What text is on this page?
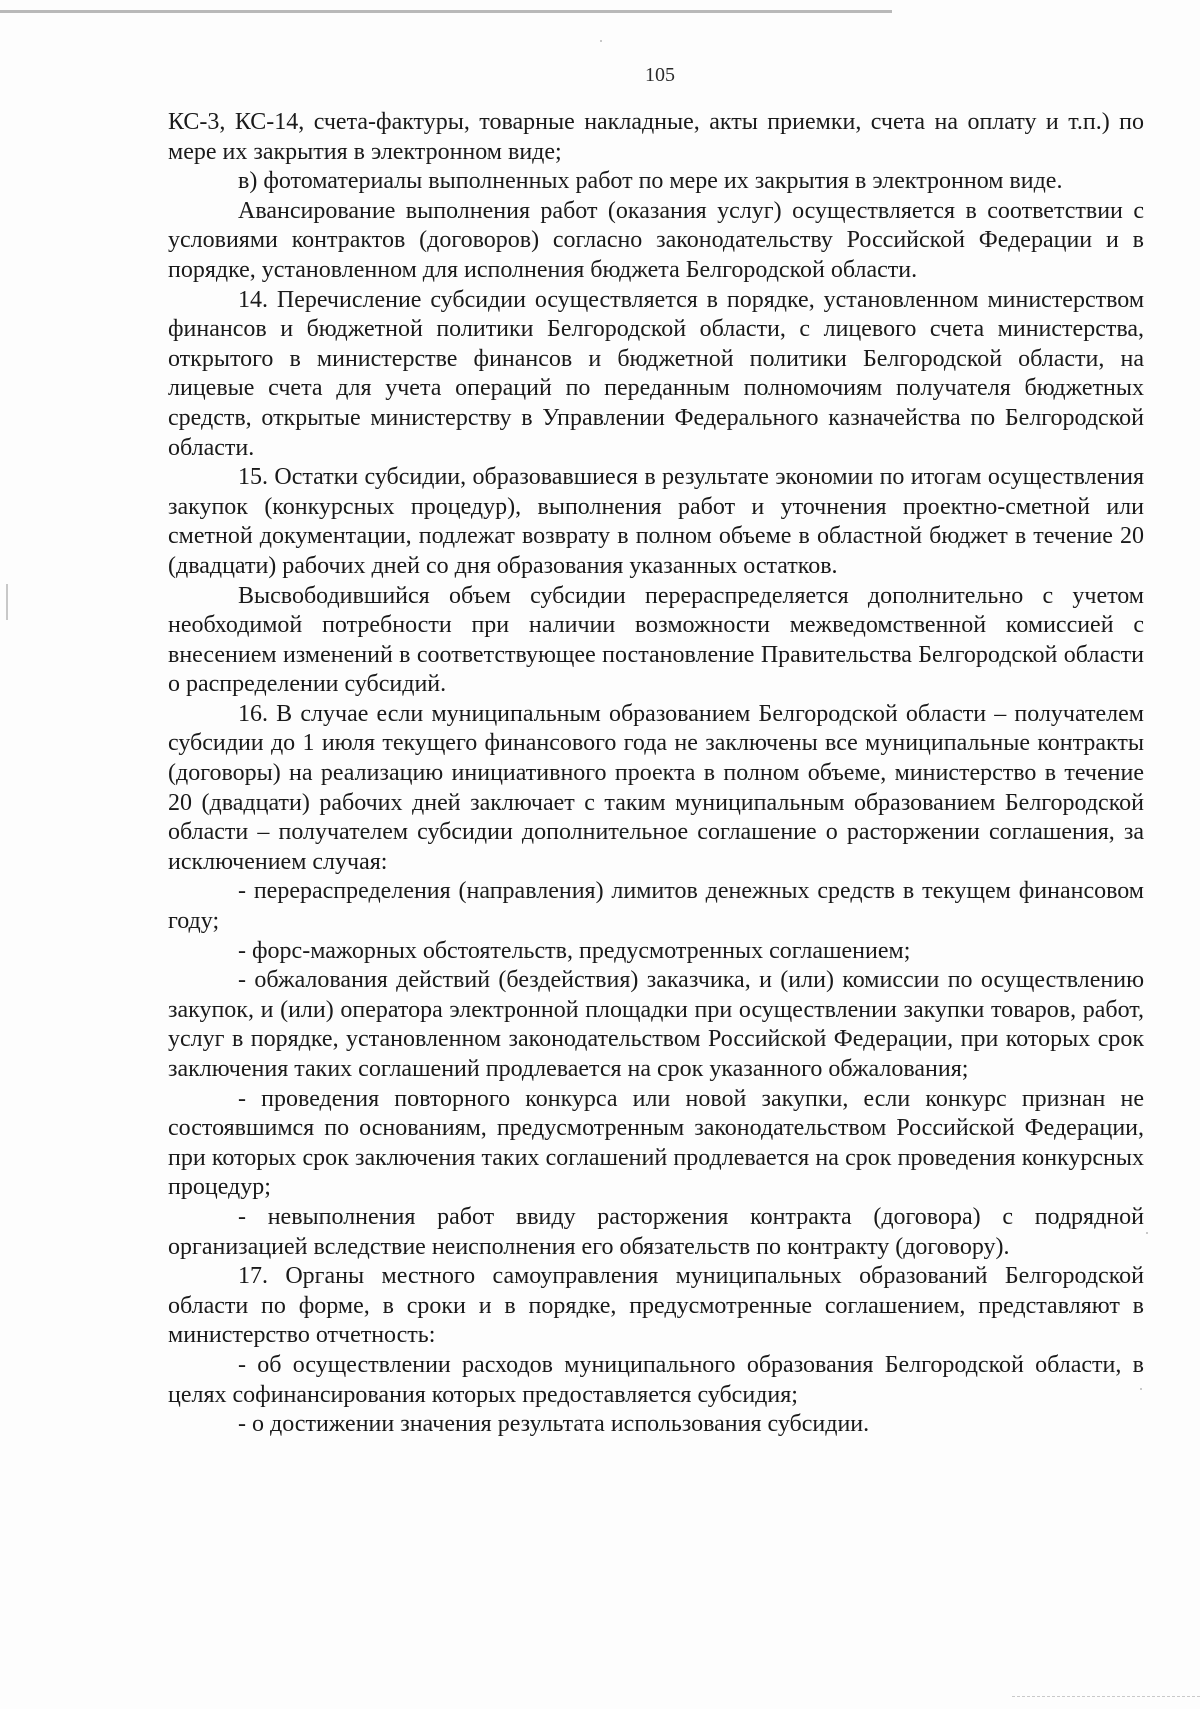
105

КС-3, КС-14, счета-фактуры, товарные накладные, акты приемки, счета на оплату и т.п.) по мере их закрытия в электронном виде;

в) фотоматериалы выполненных работ по мере их закрытия в электронном виде.

Авансирование выполнения работ (оказания услуг) осуществляется в соответствии с условиями контрактов (договоров) согласно законодательству Российской Федерации и в порядке, установленном для исполнения бюджета Белгородской области.

14. Перечисление субсидии осуществляется в порядке, установленном министерством финансов и бюджетной политики Белгородской области, с лицевого счета министерства, открытого в министерстве финансов и бюджетной политики Белгородской области, на лицевые счета для учета операций по переданным полномочиям получателя бюджетных средств, открытые министерству в Управлении Федерального казначейства по Белгородской области.

15. Остатки субсидии, образовавшиеся в результате экономии по итогам осуществления закупок (конкурсных процедур), выполнения работ и уточнения проектно-сметной или сметной документации, подлежат возврату в полном объеме в областной бюджет в течение 20 (двадцати) рабочих дней со дня образования указанных остатков.

Высвободившийся объем субсидии перераспределяется дополнительно с учетом необходимой потребности при наличии возможности межведомственной комиссией с внесением изменений в соответствующее постановление Правительства Белгородской области о распределении субсидий.

16. В случае если муниципальным образованием Белгородской области – получателем субсидии до 1 июля текущего финансового года не заключены все муниципальные контракты (договоры) на реализацию инициативного проекта в полном объеме, министерство в течение 20 (двадцати) рабочих дней заключает с таким муниципальным образованием Белгородской области – получателем субсидии дополнительное соглашение о расторжении соглашения, за исключением случая:

- перераспределения (направления) лимитов денежных средств в текущем финансовом году;

- форс-мажорных обстоятельств, предусмотренных соглашением;

- обжалования действий (бездействия) заказчика, и (или) комиссии по осуществлению закупок, и (или) оператора электронной площадки при осуществлении закупки товаров, работ, услуг в порядке, установленном законодательством Российской Федерации, при которых срок заключения таких соглашений продлевается на срок указанного обжалования;

- проведения повторного конкурса или новой закупки, если конкурс признан не состоявшимся по основаниям, предусмотренным законодательством Российской Федерации, при которых срок заключения таких соглашений продлевается на срок проведения конкурсных процедур;

- невыполнения работ ввиду расторжения контракта (договора) с подрядной организацией вследствие неисполнения его обязательств по контракту (договору).

17. Органы местного самоуправления муниципальных образований Белгородской области по форме, в сроки и в порядке, предусмотренные соглашением, представляют в министерство отчетность:

- об осуществлении расходов муниципального образования Белгородской области, в целях софинансирования которых предоставляется субсидия;

- о достижении значения результата использования субсидии.
